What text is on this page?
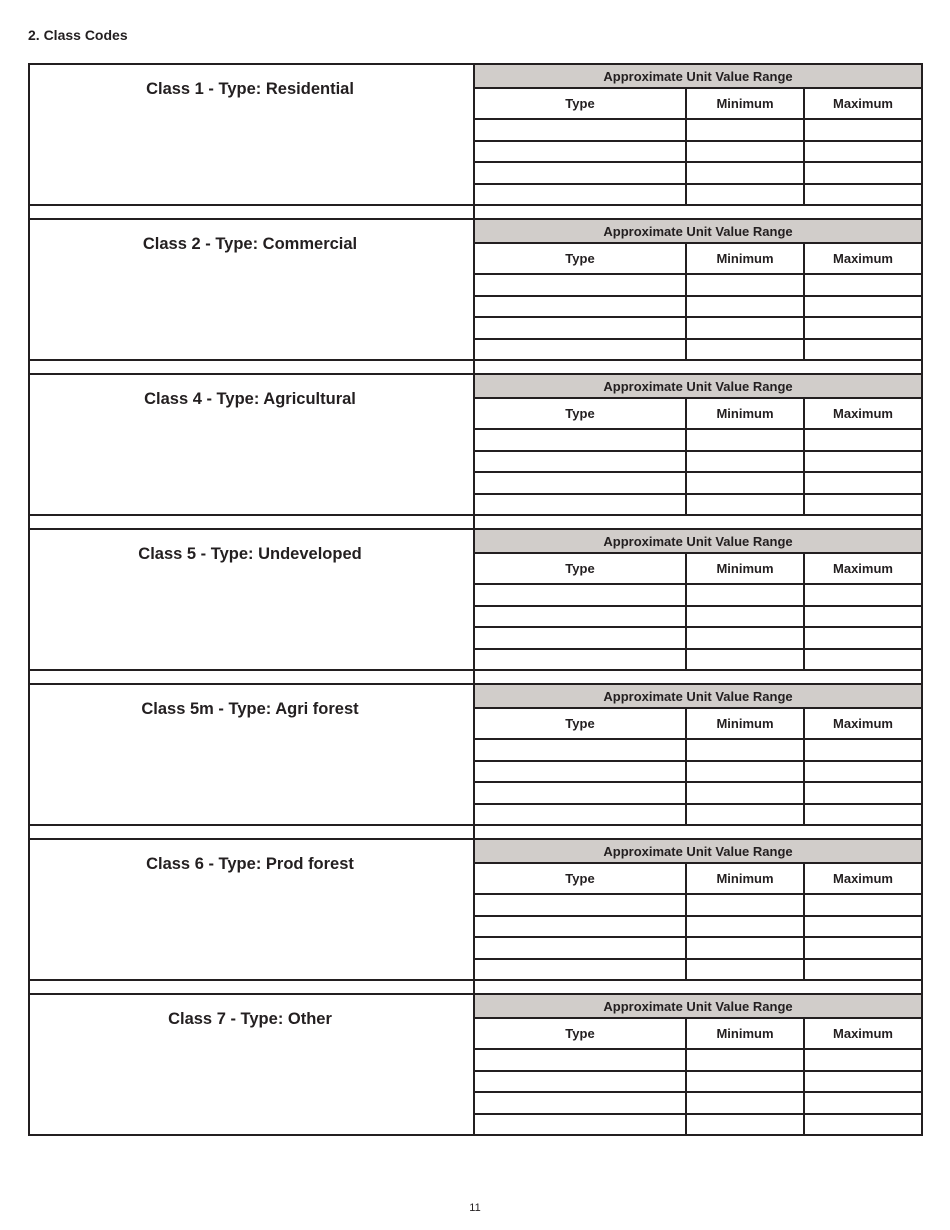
2. Class Codes
Class 1 - Type: Residential
Approximate Unit Value Range
Type	Minimum	Maximum
Class 2 - Type: Commercial
Approximate Unit Value Range
Type	Minimum	Maximum
Class 4 - Type: Agricultural
Approximate Unit Value Range
Type	Minimum	Maximum
Class 5 - Type: Undeveloped
Approximate Unit Value Range
Type	Minimum	Maximum
Class 5m - Type: Agri forest
Approximate Unit Value Range
Type	Minimum	Maximum
Class 6 - Type: Prod forest
Approximate Unit Value Range
Type	Minimum	Maximum
Class 7 - Type: Other
Approximate Unit Value Range
Type	Minimum	Maximum
11
